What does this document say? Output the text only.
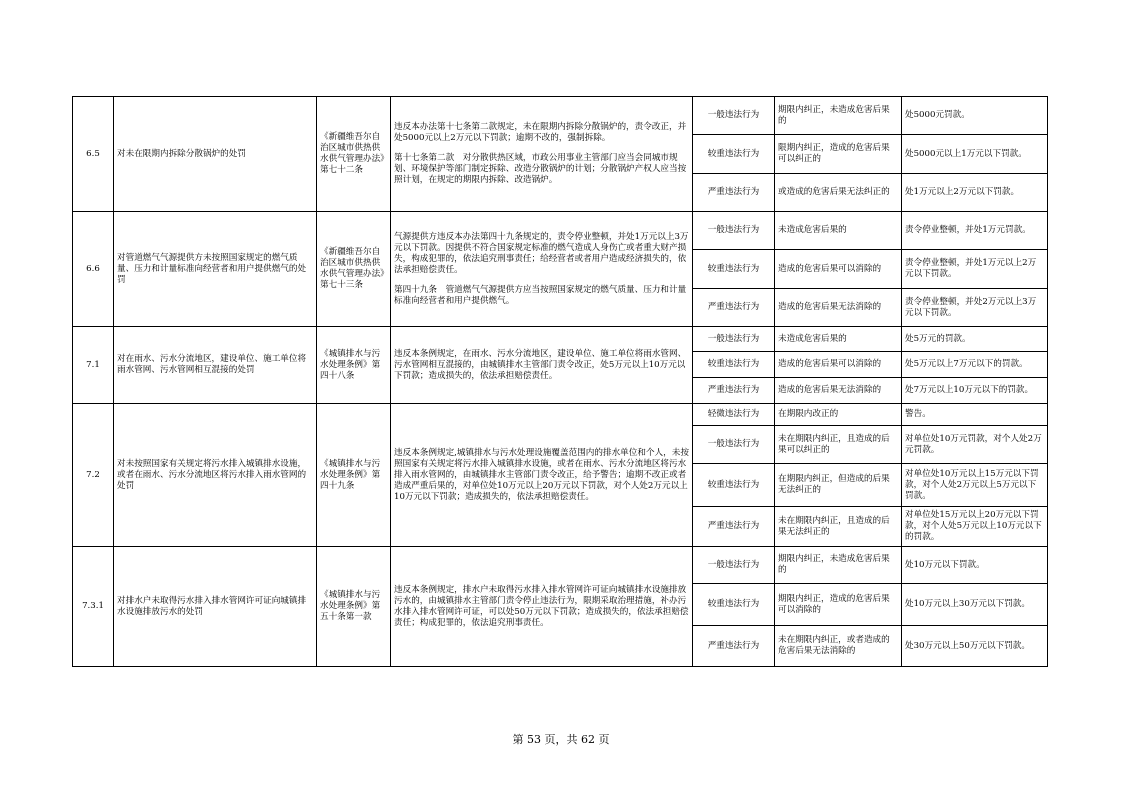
6.5	对未在限期内拆除分散锅炉的处罚	《新疆维吾尔自治区城市供热供水供气管理办法》第七十二条	违反本办法第十七条第二款规定，未在限期内拆除分散锅炉的，责令改正，并处5000元以上2万元以下罚款；逾期不改的，强制拆除。

第十七条第二款　对分散供热区域，市政公用事业主管部门应当会同城市规划、环境保护等部门制定拆除、改造分散锅炉的计划；分散锅炉产权人应当按照计划，在规定的期限内拆除、改造锅炉。	一般违法行为	期限内纠正，未造成危害后果的	处5000元罚款。
				较重违法行为	限期内纠正，造成的危害后果可以纠正的	处5000元以上1万元以下罚款。
				严重违法行为	或造成的危害后果无法纠正的	处1万元以上2万元以下罚款。
6.6	对管道燃气气源提供方未按照国家规定的燃气质量、压力和计量标准向经营者和用户提供燃气的处罚	《新疆维吾尔自治区城市供热供水供气管理办法》第七十三条	气源提供方违反本办法第四十九条规定的，责令停业整顿，并处1万元以上3万元以下罚款。因提供不符合国家规定标准的燃气造成人身伤亡或者重大财产损失，构成犯罪的，依法追究刑事责任；给经营者或者用户造成经济损失的，依法承担赔偿责任。

第四十九条　管道燃气气源提供方应当按照国家规定的燃气质量、压力和计量标准向经营者和用户提供燃气。	一般违法行为	未造成危害后果的	责令停业整顿，并处1万元罚款。
				较重违法行为	造成的危害后果可以消除的	责令停业整顿，并处1万元以上2万元以下罚款。
				严重违法行为	造成的危害后果无法消除的	责令停业整顿，并处2万元以上3万元以下罚款。
7.1	对在雨水、污水分流地区，建设单位、施工单位将雨水管网、污水管网相互混接的处罚	《城镇排水与污水处理条例》第四十八条	违反本条例规定，在雨水、污水分流地区，建设单位、施工单位将雨水管网、污水管网相互混接的，由城镇排水主管部门责令改正，处5万元以上10万元以下罚款；造成损失的，依法承担赔偿责任。	一般违法行为	未造成危害后果的	处5万元的罚款。
				较重违法行为	造成的危害后果可以消除的	处5万元以上7万元以下的罚款。
				严重违法行为	造成的危害后果无法消除的	处7万元以上10万元以下的罚款。
7.2	对未按照国家有关规定将污水排入城镇排水设施，或者在雨水、污水分流地区将污水排入雨水管网的处罚	《城镇排水与污水处理条例》第四十九条	违反本条例规定,城镇排水与污水处理设施覆盖范围内的排水单位和个人，未按照国家有关规定将污水排入城镇排水设施，或者在雨水、污水分流地区将污水排入雨水管网的，由城镇排水主管部门责令改正，给予警告；逾期不改正或者造成严重后果的，对单位处10万元以上20万元以下罚款，对个人处2万元以上10万元以下罚款；造成损失的，依法承担赔偿责任。	轻微违法行为	在期限内改正的	警告。
				一般违法行为	未在期限内纠正，且造成的后果可以纠正的	对单位处10万元罚款，对个人处2万元罚款。
				较重违法行为	在期限内纠正，但造成的后果无法纠正的	对单位处10万元以上15万元以下罚款，对个人处2万元以上5万元以下罚款。
				严重违法行为	未在期限内纠正，且造成的后果无法纠正的	对单位处15万元以上20万元以下罚款，对个人处5万元以上10万元以下的罚款。
7.3.1	对排水户未取得污水排入排水管网许可证向城镇排水设施排放污水的处罚	《城镇排水与污水处理条例》第五十条第一款	违反本条例规定，排水户未取得污水排入排水管网许可证向城镇排水设施排放污水的，由城镇排水主管部门责令停止违法行为，限期采取治理措施，补办污水排入排水管网许可证，可以处50万元以下罚款；造成损失的，依法承担赔偿责任；构成犯罪的，依法追究刑事责任。	一般违法行为	期限内纠正，未造成危害后果的	处10万元以下罚款。
				较重违法行为	期限内纠正，造成的危害后果可以消除的	处10万元以上30万元以下罚款。
				严重违法行为	未在期限内纠正，或者造成的危害后果无法消除的	处30万元以上50万元以下罚款。
第 53 页，共 62 页
